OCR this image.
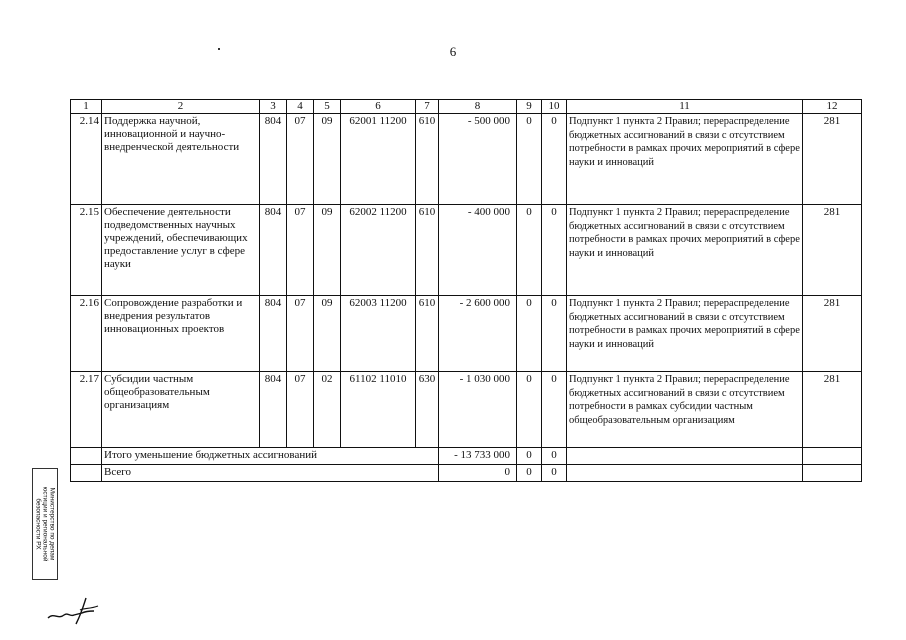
6
1	2	3	4	5	6	7	8	9	10	11	12
2.14	Поддержка научной, инновационной и научно-внедренческой деятельности	804	07	09	62001 11200	610	- 500 000	0	0	Подпункт 1 пункта 2 Правил; перераспределение бюджетных ассигнований в связи с отсутствием потребности в рамках прочих мероприятий в сфере науки и инноваций	281
2.15	Обеспечение деятельности подведомственных научных учреждений, обеспечивающих предоставление услуг в сфере науки	804	07	09	62002 11200	610	- 400 000	0	0	Подпункт 1 пункта 2 Правил; перераспределение бюджетных ассигнований в связи с отсутствием потребности в рамках прочих мероприятий в сфере науки и инноваций	281
2.16	Сопровождение разработки и внедрения результатов инновационных проектов	804	07	09	62003 11200	610	- 2 600 000	0	0	Подпункт 1 пункта 2 Правил; перераспределение бюджетных ассигнований в связи с отсутствием потребности в рамках прочих мероприятий в сфере науки и инноваций	281
2.17	Субсидии частным общеобразовательным организациям	804	07	02	61102 11010	630	- 1 030 000	0	0	Подпункт 1 пункта 2 Правил; перераспределение бюджетных ассигнований в связи с отсутствием потребности в рамках субсидии частным общеобразовательным организациям	281
	Итого уменьшение бюджетных ассигнований						- 13 733 000	0	0		
	Всего						0	0	0		
Министерство по делам
юстиции и региональной
безопасности РХ
